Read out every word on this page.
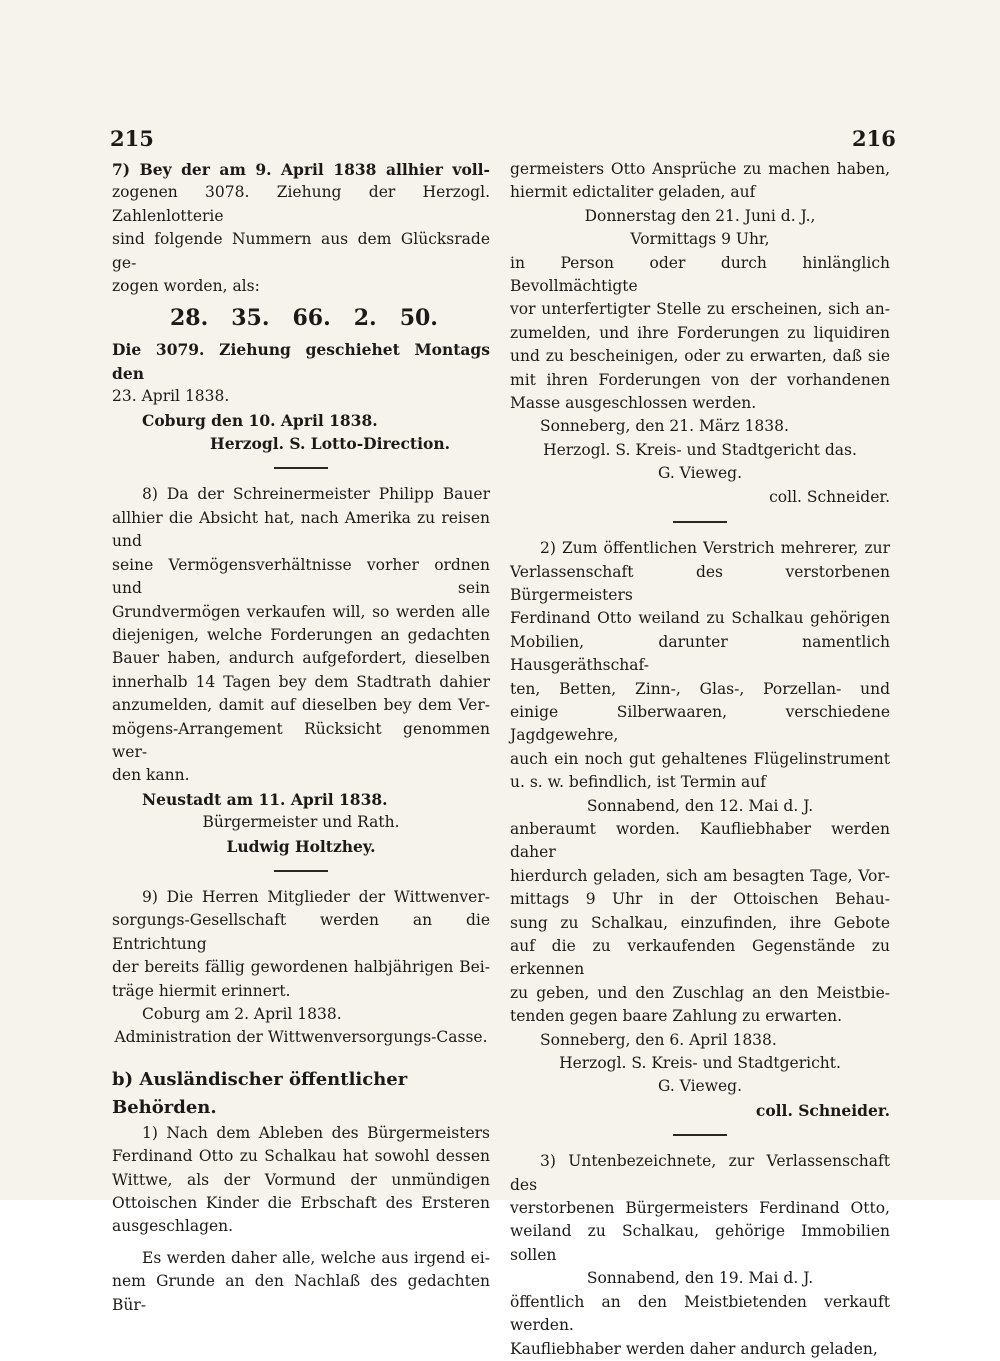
215	216

7) Bey der am 9. April 1838 allhier voll-

zogenen 3078. Ziehung der Herzogl. Zahlenlotterie

sind folgende Nummern aus dem Glücksrade ge-

zogen worden, als:

28. 35. 66. 2. 50.

Die 3079. Ziehung geschiehet Montags den

23. April 1838.

Coburg den 10. April 1838.

Herzogl. S. Lotto-Direction.

8) Da der Schreinermeister Philipp Bauer

allhier die Absicht hat, nach Amerika zu reisen und

seine Vermögensverhältnisse vorher ordnen und sein

Grundvermögen verkaufen will, so werden alle

diejenigen, welche Forderungen an gedachten

Bauer haben, andurch aufgefordert, dieselben

innerhalb 14 Tagen bey dem Stadtrath dahier

anzumelden, damit auf dieselben bey dem Ver-

mögens-Arrangement Rücksicht genommen wer-

den kann.

Neustadt am 11. April 1838.

Bürgermeister und Rath.

Ludwig Holtzhey.

9) Die Herren Mitglieder der Wittwenver-

sorgungs-Gesellschaft werden an die Entrichtung

der bereits fällig gewordenen halbjährigen Bei-

träge hiermit erinnert.

Coburg am 2. April 1838.

Administration der Wittwenversorgungs-Casse.

b) Ausländischer öffentlicher Behörden.

1) Nach dem Ableben des Bürgermeisters

Ferdinand Otto zu Schalkau hat sowohl dessen

Wittwe, als der Vormund der unmündigen

Ottoischen Kinder die Erbschaft des Ersteren

ausgeschlagen.

Es werden daher alle, welche aus irgend ei-

nem Grunde an den Nachlaß des gedachten Bür-

germeisters Otto Ansprüche zu machen haben,

hiermit edictaliter geladen, auf

Donnerstag den 21. Juni d. J.,

Vormittags 9 Uhr,

in Person oder durch hinlänglich Bevollmächtigte

vor unterfertigter Stelle zu erscheinen, sich an-

zumelden, und ihre Forderungen zu liquidiren

und zu bescheinigen, oder zu erwarten, daß sie

mit ihren Forderungen von der vorhandenen

Masse ausgeschlossen werden.

Sonneberg, den 21. März 1838.

Herzogl. S. Kreis- und Stadtgericht das.

G. Vieweg.

coll. Schneider.

2) Zum öffentlichen Verstrich mehrerer, zur

Verlassenschaft des verstorbenen Bürgermeisters

Ferdinand Otto weiland zu Schalkau gehörigen

Mobilien, darunter namentlich Hausgeräthschaf-

ten, Betten, Zinn-, Glas-, Porzellan- und

einige Silberwaaren, verschiedene Jagdgewehre,

auch ein noch gut gehaltenes Flügelinstrument

u. s. w. befindlich, ist Termin auf

Sonnabend, den 12. Mai d. J.

anberaumt worden. Kaufliebhaber werden daher

hierdurch geladen, sich am besagten Tage, Vor-

mittags 9 Uhr in der Ottoischen Behau-

sung zu Schalkau, einzufinden, ihre Gebote

auf die zu verkaufenden Gegenstände zu erkennen

zu geben, und den Zuschlag an den Meistbie-

tenden gegen baare Zahlung zu erwarten.

Sonneberg, den 6. April 1838.

Herzogl. S. Kreis- und Stadtgericht.

G. Vieweg.

coll. Schneider.

3) Untenbezeichnete, zur Verlassenschaft des

verstorbenen Bürgermeisters Ferdinand Otto,

weiland zu Schalkau, gehörige Immobilien sollen

Sonnabend, den 19. Mai d. J.

öffentlich an den Meistbietenden verkauft werden.

Kaufliebhaber werden daher andurch geladen,
